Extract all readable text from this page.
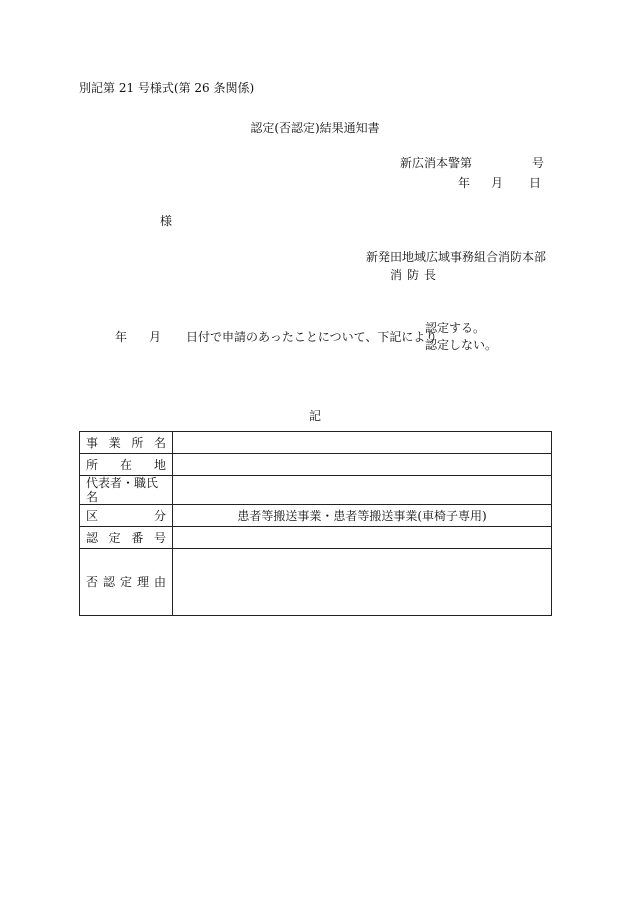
別記第 21 号様式(第 26 条関係)
認定(否認定)結果通知書
新広消本警第	号
年 月 日
様
新発田地域広域事務組合消防本部
消防長
年 月 日付で申請のあったことについて、下記により
認定する。
認定しない。
記
事 業 所 名	

所 在 地	

代表者・職氏名	

区 分	患者等搬送事業・患者等搬送事業(車椅子専用)

認 定 番 号	

否 認 定 理 由	
